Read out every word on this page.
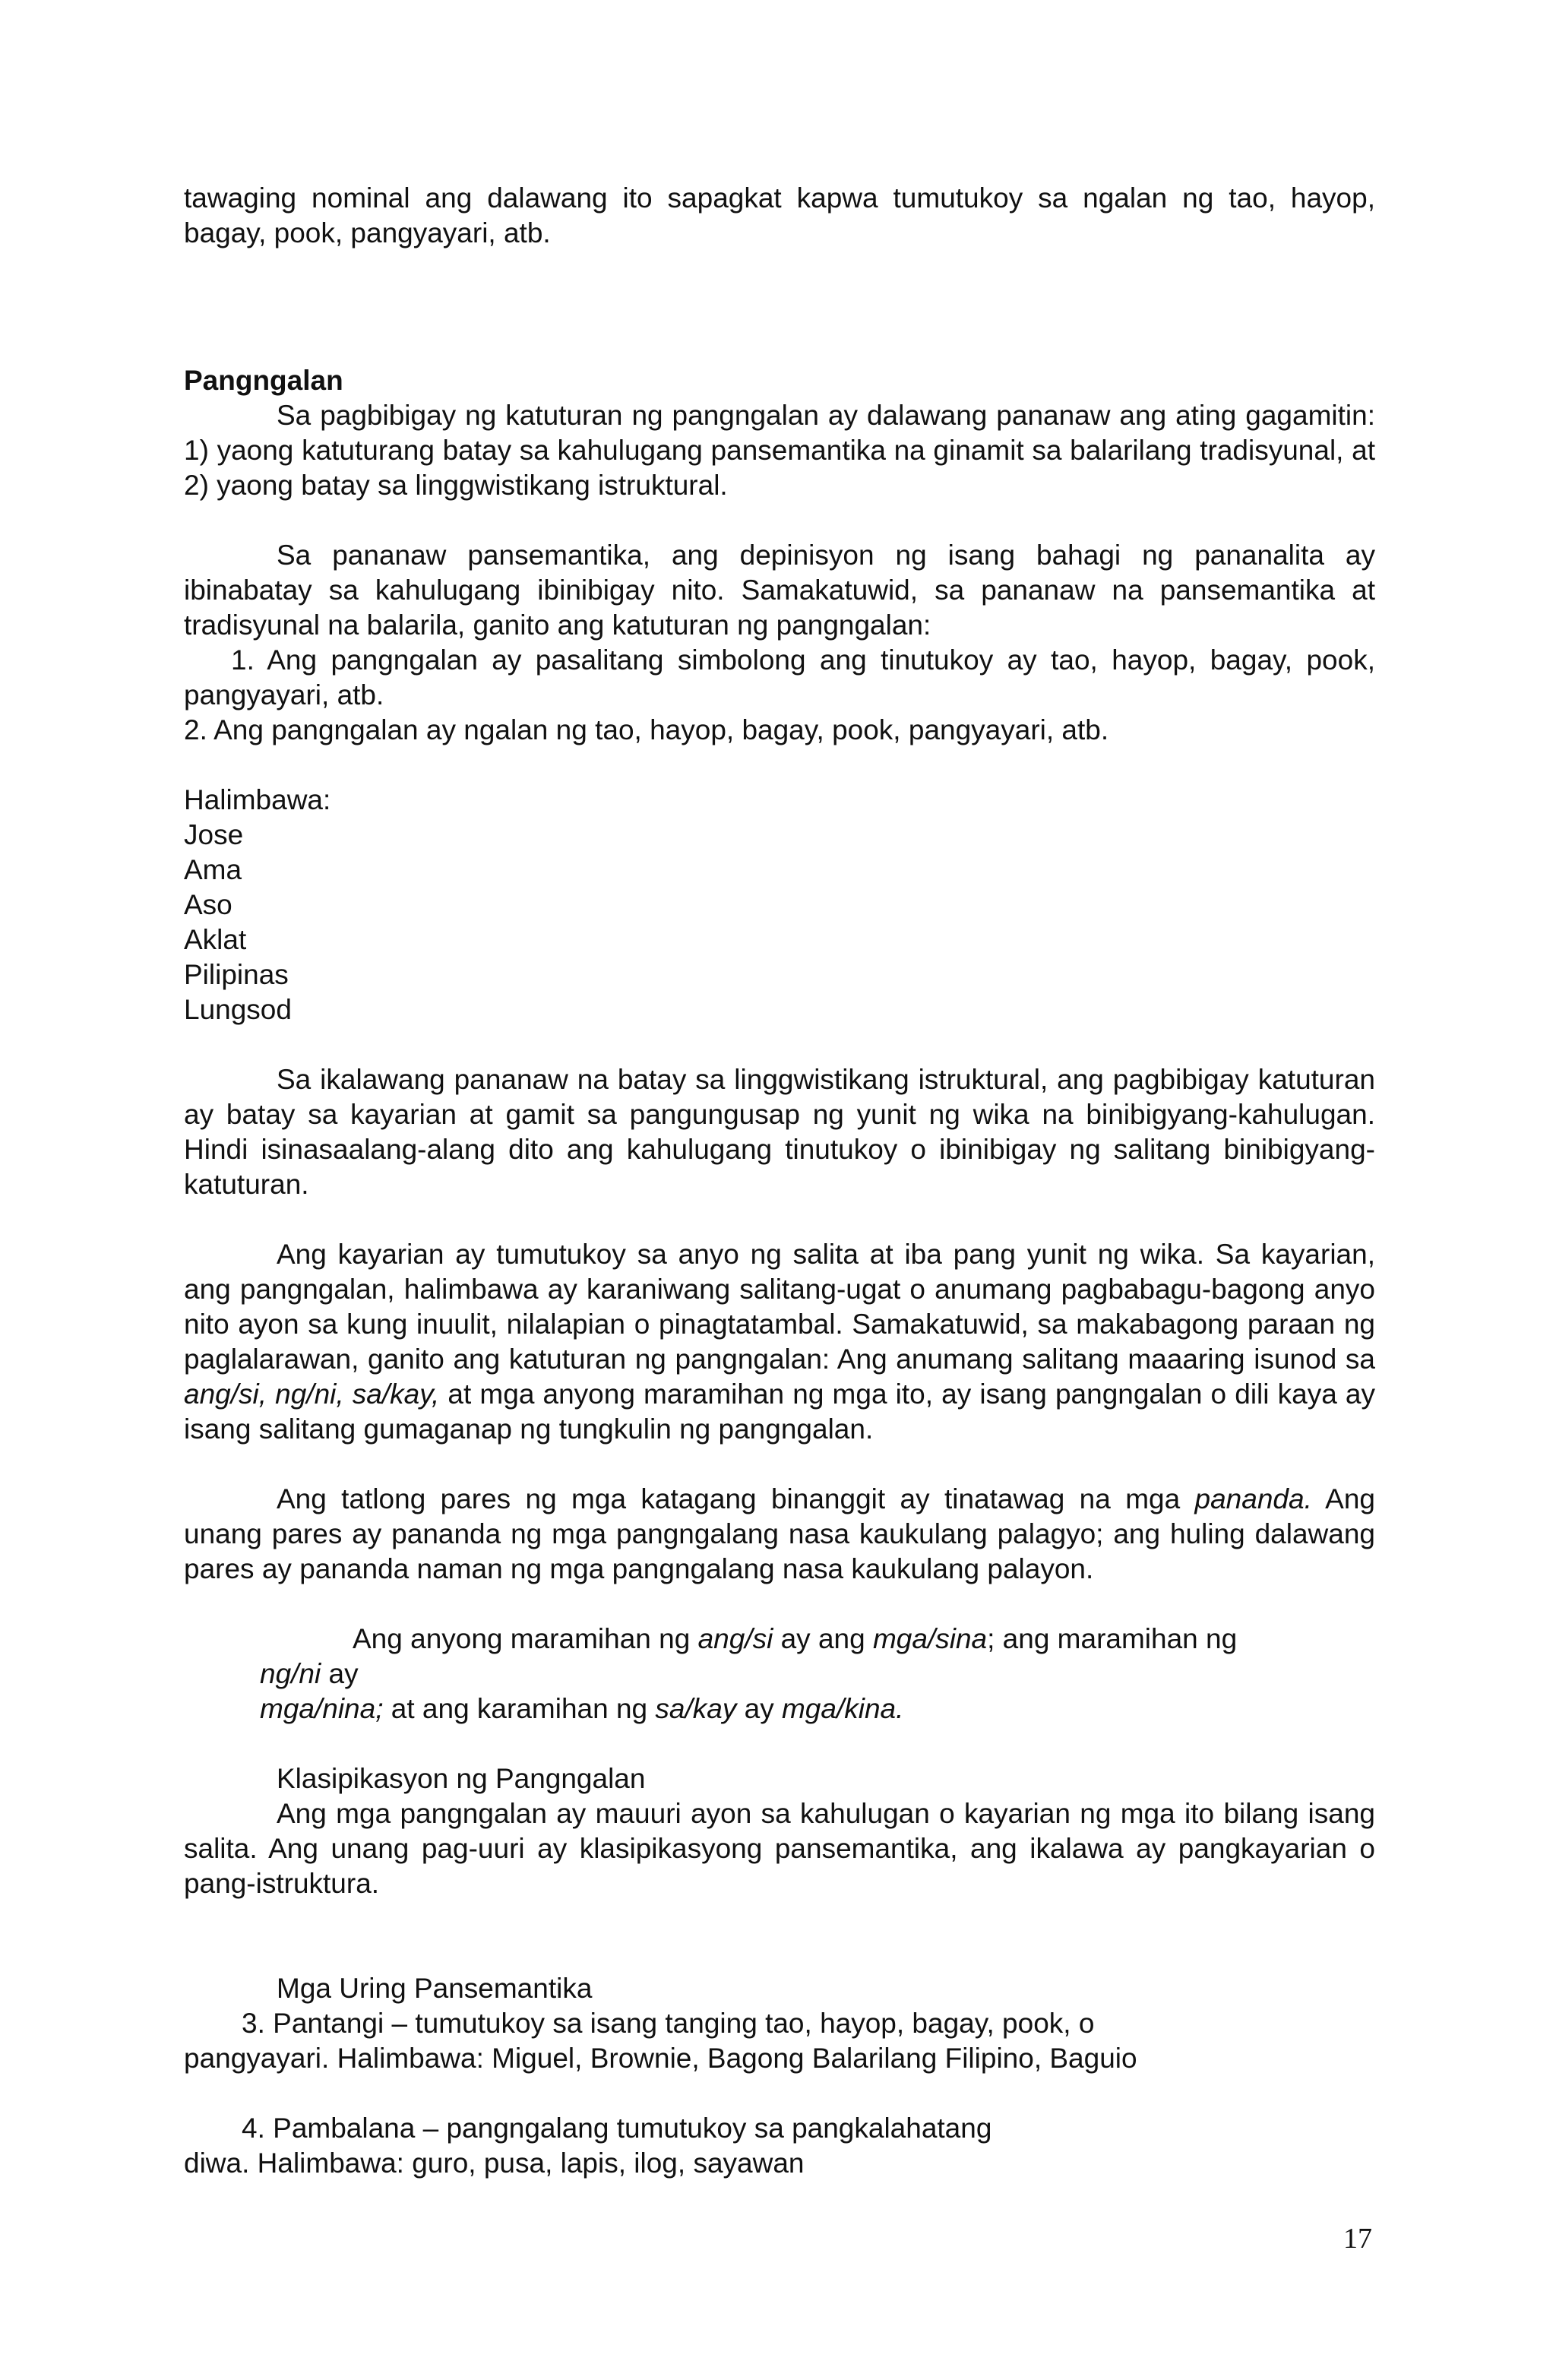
tawaging nominal ang dalawang ito sapagkat kapwa tumutukoy sa ngalan ng tao, hayop, bagay, pook, pangyayari, atb.

Pangngalan

Sa pagbibigay ng katuturan ng pangngalan ay dalawang pananaw ang ating gagamitin: 1) yaong katuturang batay sa kahulugang pansemantika na ginamit sa balarilang tradisyunal, at 2) yaong batay sa linggwistikang istruktural.

Sa pananaw pansemantika, ang depinisyon ng isang bahagi ng pananalita ay ibinabatay sa kahulugang ibinibigay nito. Samakatuwid, sa pananaw na pansemantika at tradisyunal na balarila, ganito ang katuturan ng pangngalan:

1. Ang pangngalan ay pasalitang simbolong ang tinutukoy ay tao, hayop, bagay, pook, pangyayari, atb.

2. Ang pangngalan ay ngalan ng tao, hayop, bagay, pook, pangyayari, atb.

Halimbawa:

Jose

Ama

Aso

Aklat

Pilipinas

Lungsod

Sa ikalawang pananaw na batay sa linggwistikang istruktural, ang pagbibigay katuturan ay batay sa kayarian at gamit sa pangungusap ng yunit ng wika na binibigyang-kahulugan. Hindi isinasaalang-alang dito ang kahulugang tinutukoy o ibinibigay ng salitang binibigyang-katuturan.

Ang kayarian ay tumutukoy sa anyo ng salita at iba pang yunit ng wika. Sa kayarian, ang pangngalan, halimbawa ay karaniwang salitang-ugat o anumang pagbabagu-bagong anyo nito ayon sa kung inuulit, nilalapian o pinagtatambal. Samakatuwid, sa makabagong paraan ng paglalarawan, ganito ang katuturan ng pangngalan: Ang anumang salitang maaaring isunod sa ang/si, ng/ni, sa/kay, at mga anyong maramihan ng mga ito, ay isang pangngalan o dili kaya ay isang salitang gumaganap ng tungkulin ng pangngalan.

Ang tatlong pares ng mga katagang binanggit ay tinatawag na mga pananda. Ang unang pares ay pananda ng mga pangngalang nasa kaukulang palagyo; ang huling dalawang pares ay pananda naman ng mga pangngalang nasa kaukulang palayon.

Ang anyong maramihan ng ang/si ay ang mga/sina; ang maramihan ng

ng/ni ay

mga/nina; at ang karamihan ng sa/kay ay mga/kina.

Klasipikasyon ng Pangngalan

Ang mga pangngalan ay mauuri ayon sa kahulugan o kayarian ng mga ito bilang isang salita. Ang unang pag-uuri ay klasipikasyong pansemantika, ang ikalawa ay pangkayarian o pang-istruktura.

Mga Uring Pansemantika

3. Pantangi – tumutukoy sa isang tanging tao, hayop, bagay, pook, o

pangyayari. Halimbawa: Miguel, Brownie, Bagong Balarilang Filipino, Baguio

4. Pambalana – pangngalang tumutukoy sa pangkalahatang

diwa. Halimbawa: guro, pusa, lapis, ilog, sayawan

17
